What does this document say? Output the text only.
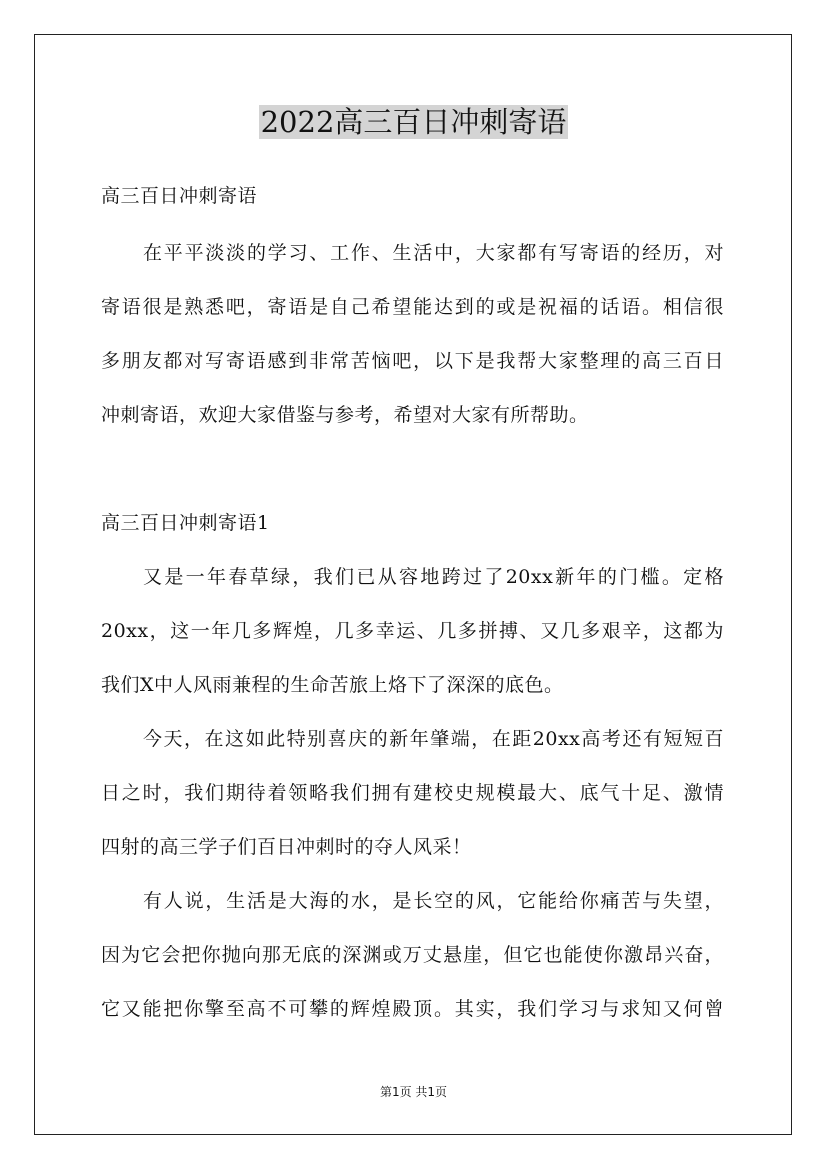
2022高三百日冲刺寄语
高三百日冲刺寄语
在平平淡淡的学习、工作、生活中，大家都有写寄语的经历，对
寄语很是熟悉吧，寄语是自己希望能达到的或是祝福的话语。相信很
多朋友都对写寄语感到非常苦恼吧，以下是我帮大家整理的高三百日
冲刺寄语，欢迎大家借鉴与参考，希望对大家有所帮助。
高三百日冲刺寄语1
又是一年春草绿，我们已从容地跨过了20xx新年的门槛。定格
20xx，这一年几多辉煌，几多幸运、几多拼搏、又几多艰辛，这都为
我们X中人风雨兼程的生命苦旅上烙下了深深的底色。
今天，在这如此特别喜庆的新年肇端，在距20xx高考还有短短百
日之时，我们期待着领略我们拥有建校史规模最大、底气十足、激情
四射的高三学子们百日冲刺时的夺人风采！
有人说，生活是大海的水，是长空的风，它能给你痛苦与失望，
因为它会把你抛向那无底的深渊或万丈悬崖，但它也能使你激昂兴奋，
它又能把你擎至高不可攀的辉煌殿顶。其实，我们学习与求知又何曾
第1页 共1页
